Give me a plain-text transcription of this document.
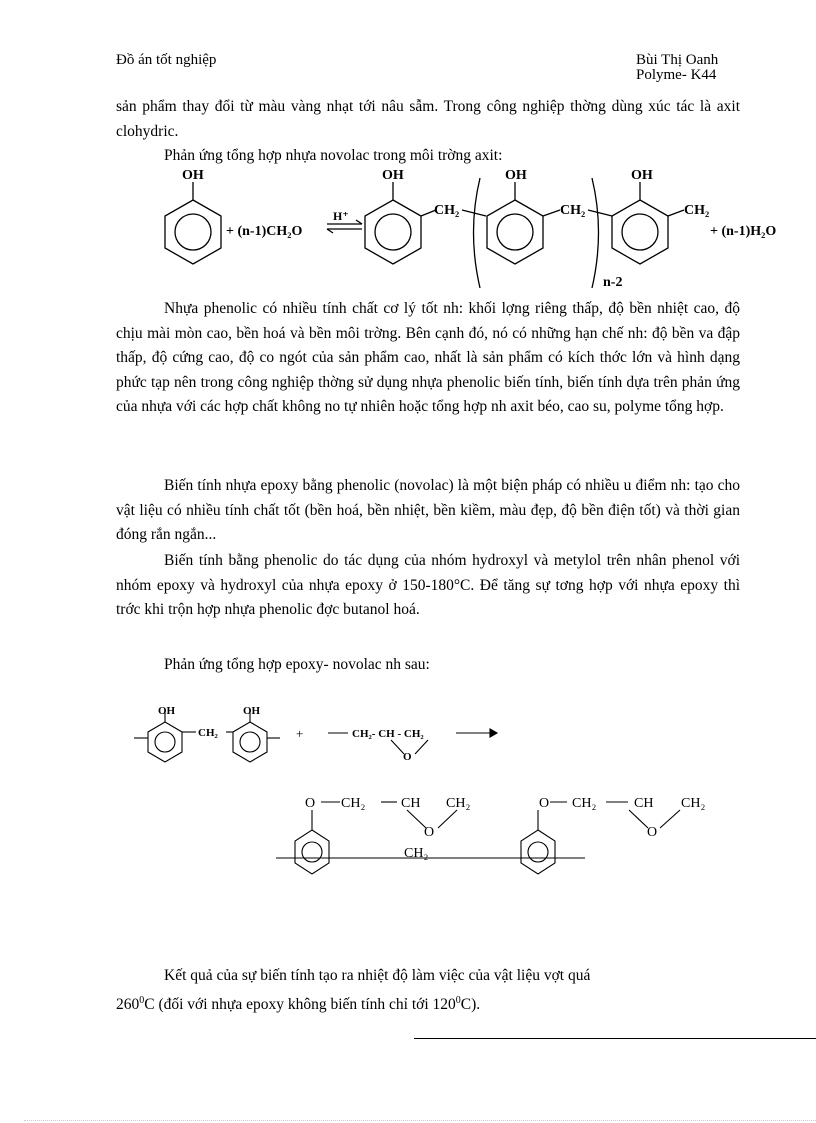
Đồ án tốt nghiệp	Bùi Thị Oanh
Polyme- K44

sản phẩm thay đổi từ màu vàng nhạt tới nâu sẫm. Trong công nghiệp thờng dùng xúc tác là axit clohydric.

Phản ứng tổng hợp nhựa novolac trong môi trờng axit:
OH
+ (n-1)CH₂O
H⁺
OH
CH₂
OH
CH₂
n-2
OH
CH₂
+ (n-1)H₂O

Nhựa phenolic có nhiều tính chất cơ lý tốt nh: khối lợng riêng thấp, độ bền nhiệt cao, độ chịu mài mòn cao, bền hoá và bền môi trờng. Bên cạnh đó, nó có những hạn chế nh: độ bền va đập thấp, độ cứng cao, độ co ngót của sản phẩm cao, nhất là sản phẩm có kích thớc lớn và hình dạng phức tạp nên trong công nghiệp thờng sử dụng nhựa phenolic biến tính, biến tính dựa trên phản ứng của nhựa với các hợp chất không no tự nhiên hoặc tổng hợp nh axit béo, cao su, polyme tổng hợp.

Biến tính nhựa epoxy bằng phenolic (novolac) là một biện pháp có nhiều u điểm nh: tạo cho vật liệu có nhiều tính chất tốt (bền hoá, bền nhiệt, bền kiềm, màu đẹp, độ bền điện tốt) và thời gian đóng rắn ngắn...

Biến tính bằng phenolic do tác dụng của nhóm hydroxyl và metylol trên nhân phenol với nhóm epoxy và hydroxyl của nhựa epoxy ở 150-180°C. Để tăng sự tơng hợp với nhựa epoxy thì trớc khi trộn hợp nhựa phenolic đợc butanol hoá.

Phản ứng tổng hợp epoxy- novolac nh sau:
OH
CH₂
OH
+	CH₂- CH - CH₂
O
O CH₂	CH CH₂
O
O CH₂	CH CH₂
O
CH₂
Kết quả của sự biến tính tạo ra nhiệt độ làm việc của vật liệu vợt quá
$260^0C$ (đối với nhựa epoxy không biến tính chỉ tới $120^0C$).
